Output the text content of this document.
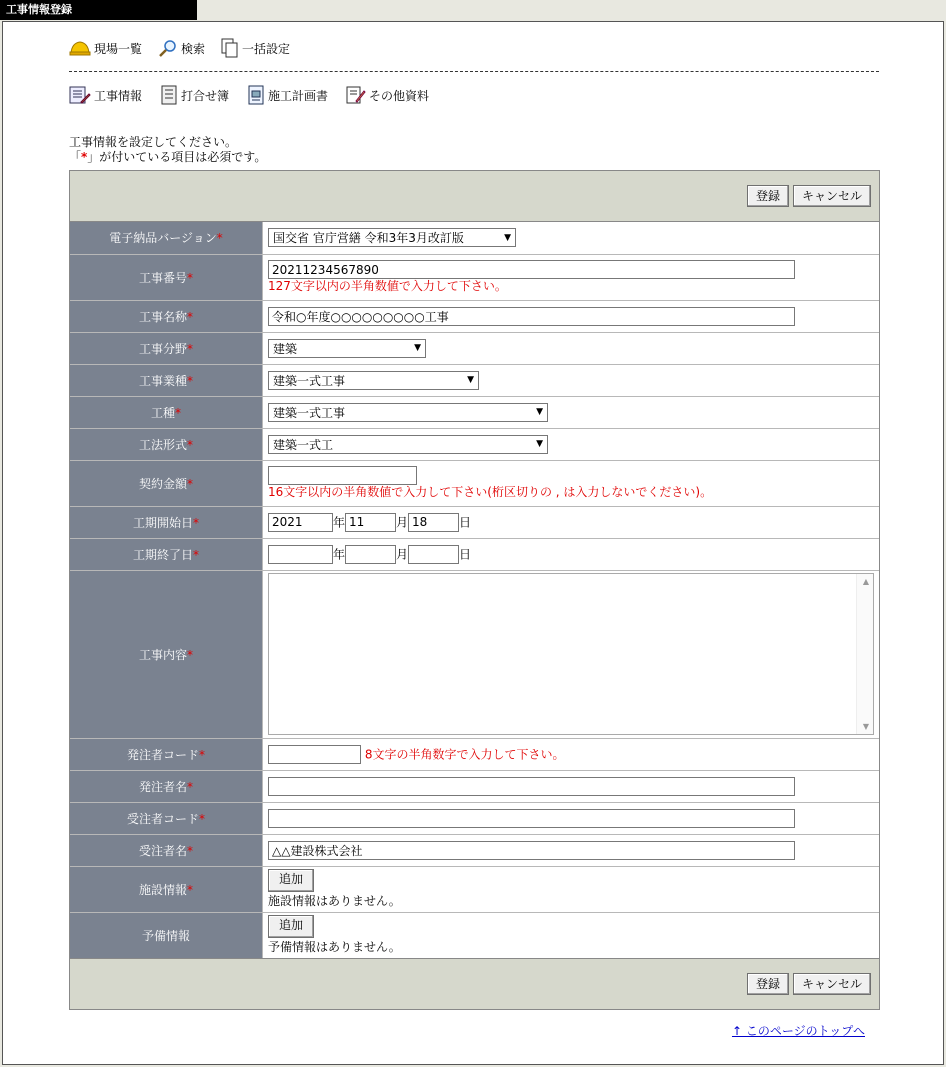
工事情報登録
現場一覧	検索	一括設定
工事情報	打合せ簿	施工計画書	その他資料
工事情報を設定してください。
「*」が付いている項目は必須です。
登録	キャンセル
電子納品バージョン*	国交省 官庁営繕 令和3年3月改訂版 ▼

工事番号*	20211234567890
127文字以内の半角数値で入力して下さい。

工事名称*	令和○年度○○○○○○○○○工事
工事分野*	建築 ▼

工事業種*	建築一式工事 ▼

工種*	建築一式工事 ▼

工法形式*	建築一式工 ▼

契約金額*	16文字以内の半角数値で入力して下さい(桁区切りの , は入力しないでください)。

工期開始日*	2021年11 月18 日
工期終了日*	年 月 日
工事内容*	▲
▼

発注者コード*	8文字の半角数字で入力して下さい。
発注者名*	
受注者コード*	
受注者名*	△△建設株式会社
施設情報*	追加
施設情報はありません。

予備情報	追加
予備情報はありません。
登録	キャンセル
↑ このページのトップへ
